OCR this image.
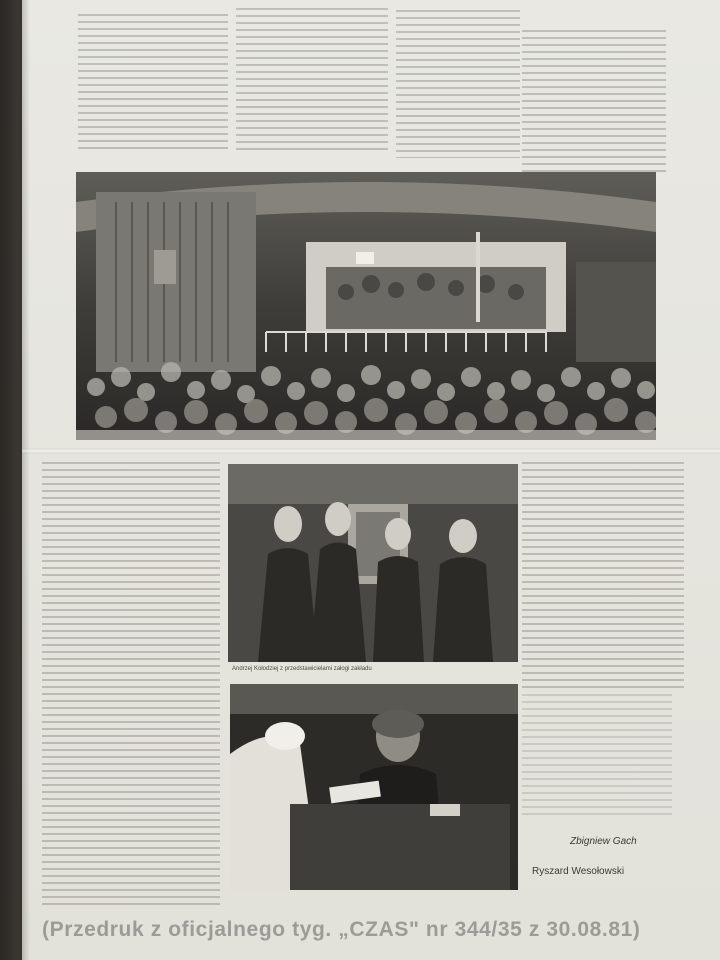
Andrzej Kołodziej z przedstawicielami załogi zakładu
Zbigniew Gach
Ryszard Wesołowski
(Przedruk z oficjalnego tyg. „CZAS" nr 344/35 z 30.08.81)
